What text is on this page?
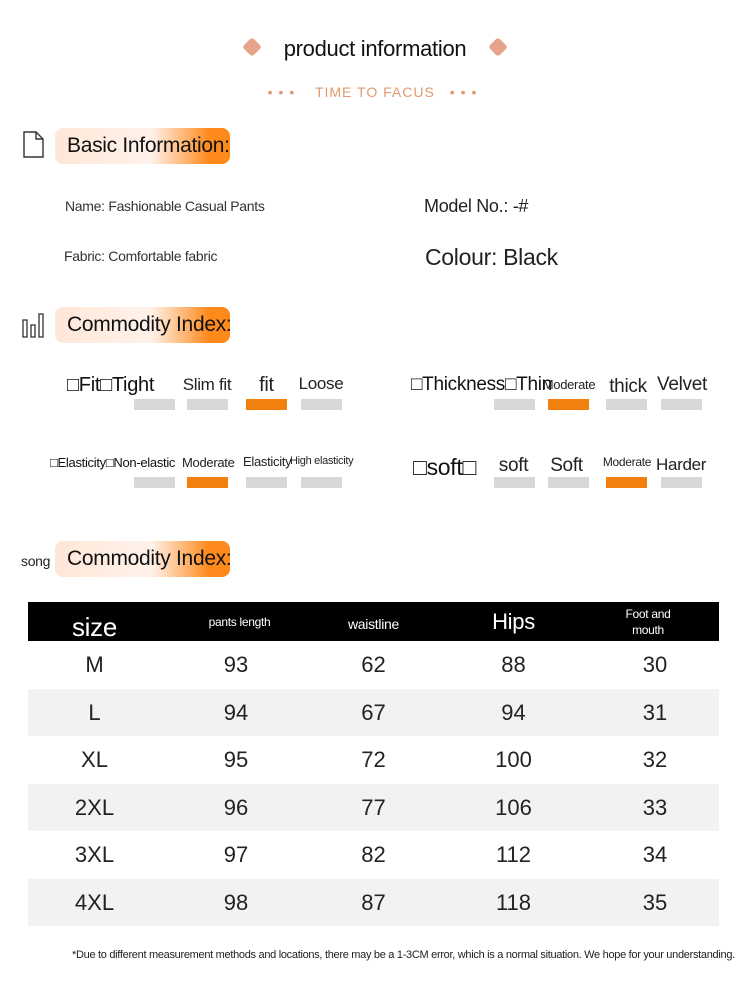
product information
••• TIME TO FACUS •••
Basic Information:
Name: Fashionable Casual Pants	Model No.: -#
Fabric: Comfortable fabric	Colour: Black
Commodity Index:
□Fit□Tight Slim fit	fit	Loose	□Thickness□Thin
Moderate thick Velvet
□Elasticity□Non-elastic Moderate Elasticity
High elasticity	□soft□	soft	Soft	Moderate Harder
song Commodity Index:
size	pants length	waistline	Hips	Foot and mouth
M	93	62	88	30
L	94	67	94	31
XL	95	72	100	32
2XL	96	77	106	33
3XL	97	82	112	34
4XL	98	87	118	35
*Due to different measurement methods and locations, there may be a 1-3CM error, which is a normal situation. We hope for your understanding.
